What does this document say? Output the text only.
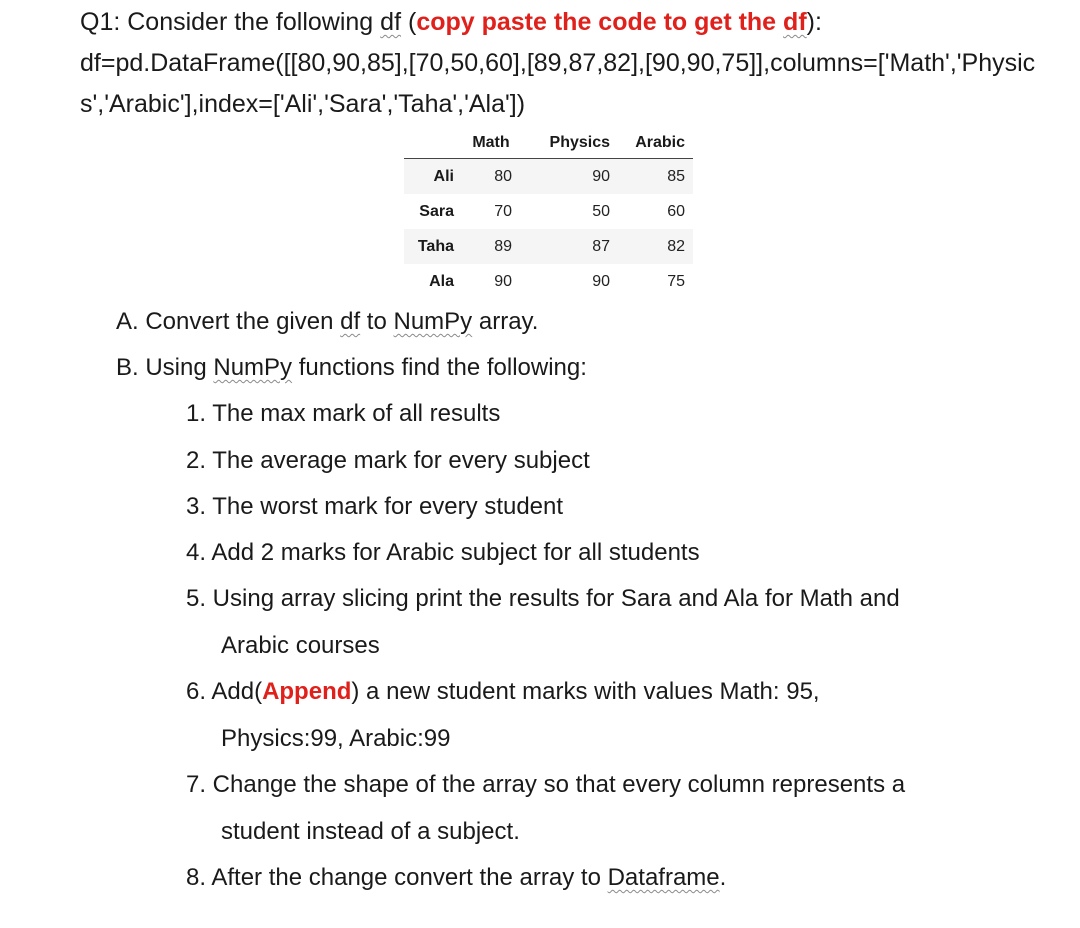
Q1: Consider the following df (copy paste the code to get the df):
df=pd.DataFrame([[80,90,85],[70,50,60],[89,87,82],[90,90,75]],columns=['Math','Physics','Arabic'],index=['Ali','Sara','Taha','Ala'])
	Math	Physics	Arabic
Ali	80	90	85
Sara	70	50	60
Taha	89	87	82
Ala	90	90	75
A. Convert the given df to NumPy array.
B. Using NumPy functions find the following:
1. The max mark of all results
2. The average mark for every subject
3. The worst mark for every student
4. Add 2 marks for Arabic subject for all students
5. Using array slicing print the results for Sara and Ala for Math and
Arabic courses
6. Add(Append) a new student marks with values Math: 95,
Physics:99, Arabic:99
7. Change the shape of the array so that every column represents a
student instead of a subject.
8. After the change convert the array to Dataframe.
